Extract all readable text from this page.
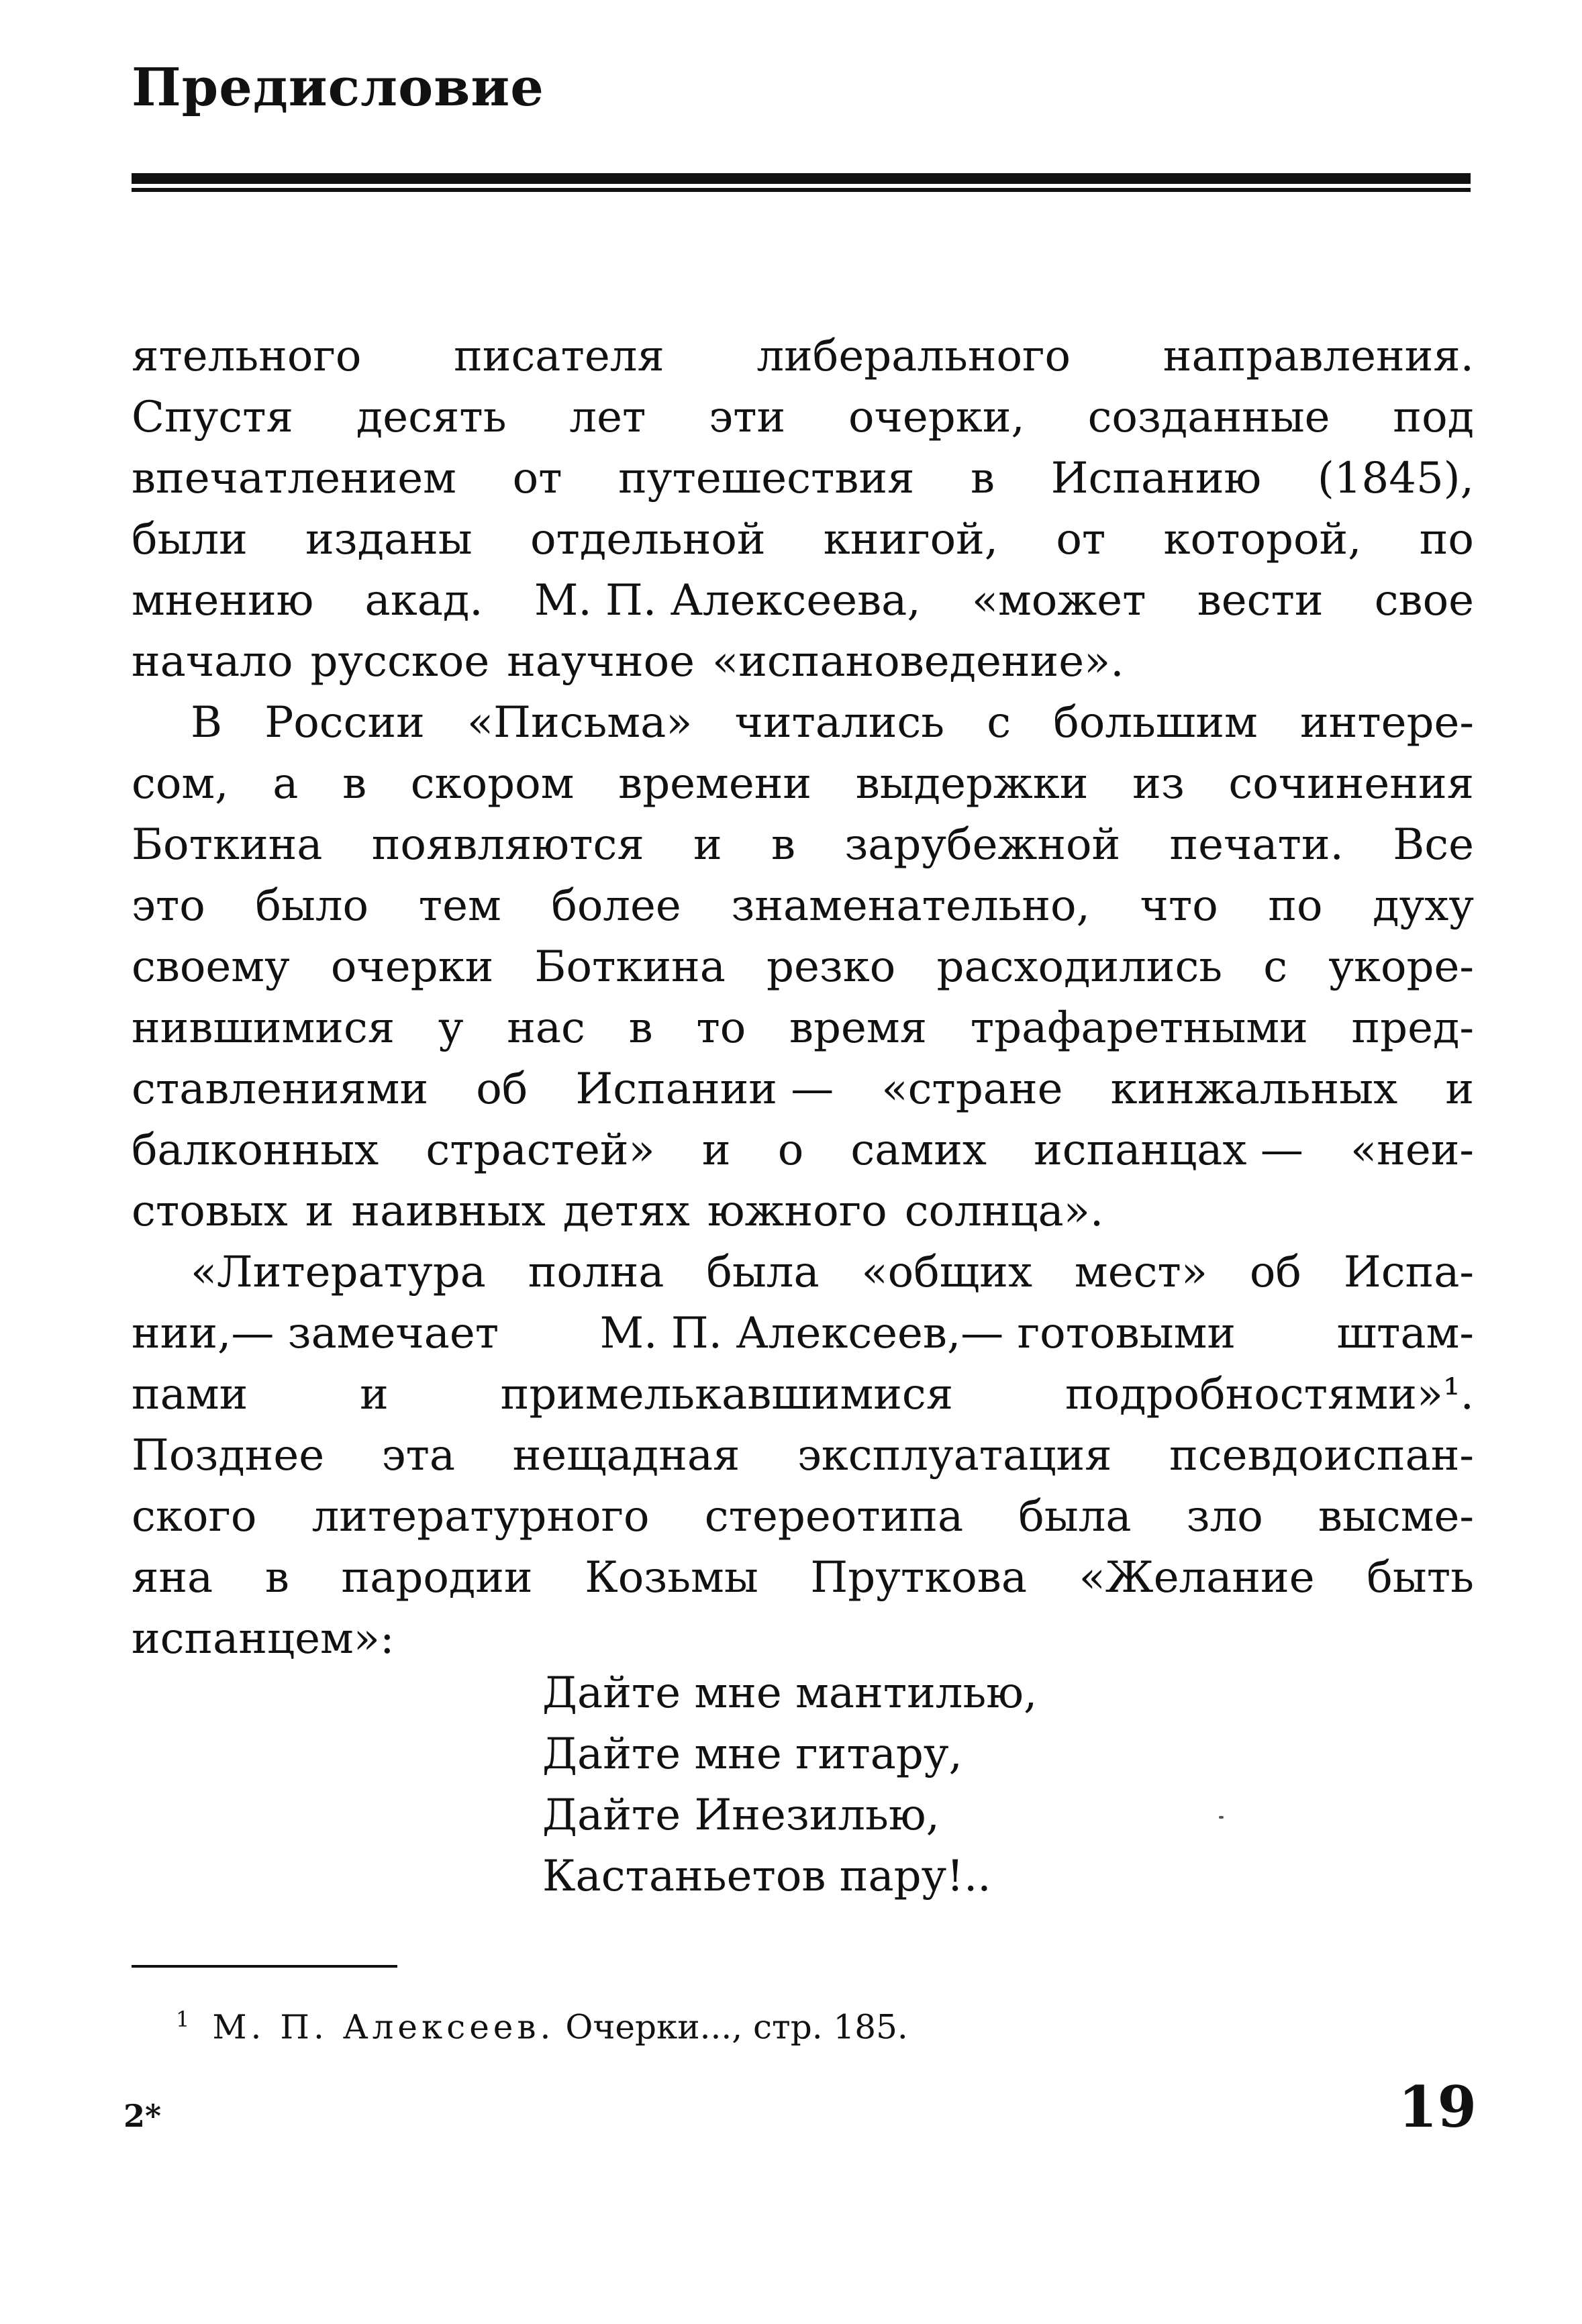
Предисловие
ятельного писателя либерального направления.
Спустя десять лет эти очерки, созданные под
впечатлением от путешествия в Испанию (1845),
были изданы отдельной книгой, от которой, по
мнению акад. М. П. Алексеева, «может вести свое
начало русское научное «испановедение».
В России «Письма» читались с большим интере-
сом, а в скором времени выдержки из сочинения
Боткина появляются и в зарубежной печати. Все
это было тем более знаменательно, что по духу
своему очерки Боткина резко расходились с укоре-
нившимися у нас в то время трафаретными пред-
ставлениями об Испании — «стране кинжальных и
балконных страстей» и о самих испанцах — «неи-
стовых и наивных детях южного солнца».
«Литература полна была «общих мест» об Испа-
нии,— замечает М. П. Алексеев,— готовыми штам-
пами	и	примелькавшимися	подробностями»¹.
Позднее эта нещадная эксплуатация псевдоиспан-
ского литературного стереотипа была зло высме-
яна в пародии Козьмы Пруткова «Желание быть
испанцем»:
Дайте мне мантилью,
Дайте мне гитару,
Дайте Инезилью,
Кастаньетов пару!..
$^1$ М. П. Алексеев. Очерки..., стр. 185.
2*	19
